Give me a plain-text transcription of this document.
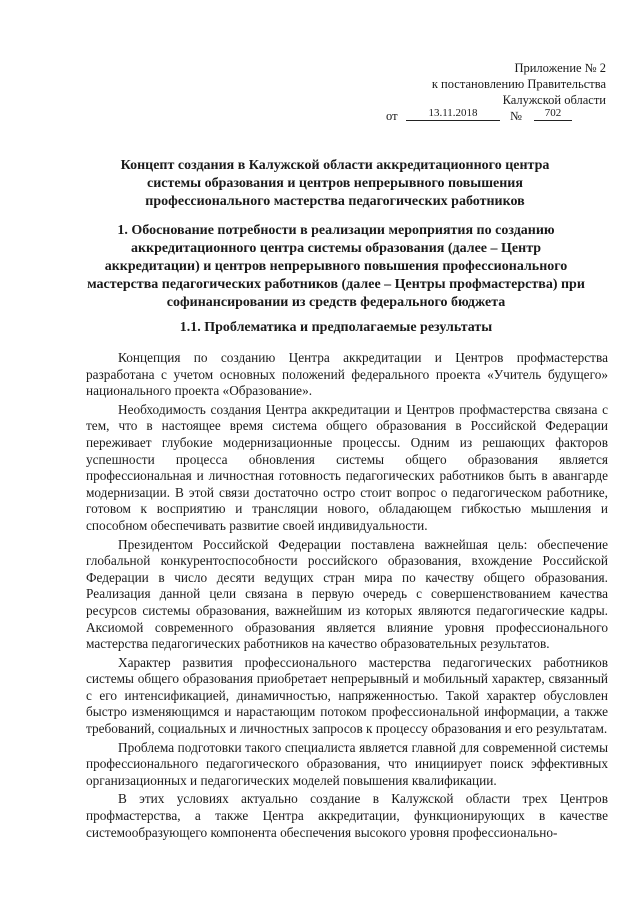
Приложение № 2
к постановлению Правительства
Калужской области
от	13.11.2018	№	702
Концепт создания в Калужской области аккредитационного центра системы образования и центров непрерывного повышения профессионального мастерства педагогических работников
1. Обоснование потребности в реализации мероприятия по созданию аккредитационного центра системы образования (далее – Центр аккредитации) и центров непрерывного повышения профессионального мастерства педагогических работников (далее – Центры профмастерства) при софинансировании из средств федерального бюджета
1.1. Проблематика и предполагаемые результаты

Концепция по созданию Центра аккредитации и Центров профмастерства разработана с учетом основных положений федерального проекта «Учитель будущего» национального проекта «Образование».

Необходимость создания Центра аккредитации и Центров профмастерства связана с тем, что в настоящее время система общего образования в Российской Федерации переживает глубокие модернизационные процессы. Одним из решающих факторов успешности процесса обновления системы общего образования является профессиональная и личностная готовность педагогических работников быть в авангарде модернизации. В этой связи достаточно остро стоит вопрос о педагогическом работнике, готовом к восприятию и трансляции нового, обладающем гибкостью мышления и способном обеспечивать развитие своей индивидуальности.

Президентом Российской Федерации поставлена важнейшая цель: обеспечение глобальной конкурентоспособности российского образования, вхождение Российской Федерации в число десяти ведущих стран мира по качеству общего образования. Реализация данной цели связана в первую очередь с совершенствованием качества ресурсов системы образования, важнейшим из которых являются педагогические кадры. Аксиомой современного образования является влияние уровня профессионального мастерства педагогических работников на качество образовательных результатов.

Характер развития профессионального мастерства педагогических работников системы общего образования приобретает непрерывный и мобильный характер, связанный с его интенсификацией, динамичностью, напряженностью. Такой характер обусловлен быстро изменяющимся и нарастающим потоком профессиональной информации, а также требований, социальных и личностных запросов к процессу образования и его результатам.

Проблема подготовки такого специалиста является главной для современной системы профессионального педагогического образования, что инициирует поиск эффективных организационных и педагогических моделей повышения квалификации.

В этих условиях актуально создание в Калужской области трех Центров профмастерства, а также Центра аккредитации, функционирующих в качестве системообразующего компонента обеспечения высокого уровня профессионально-
